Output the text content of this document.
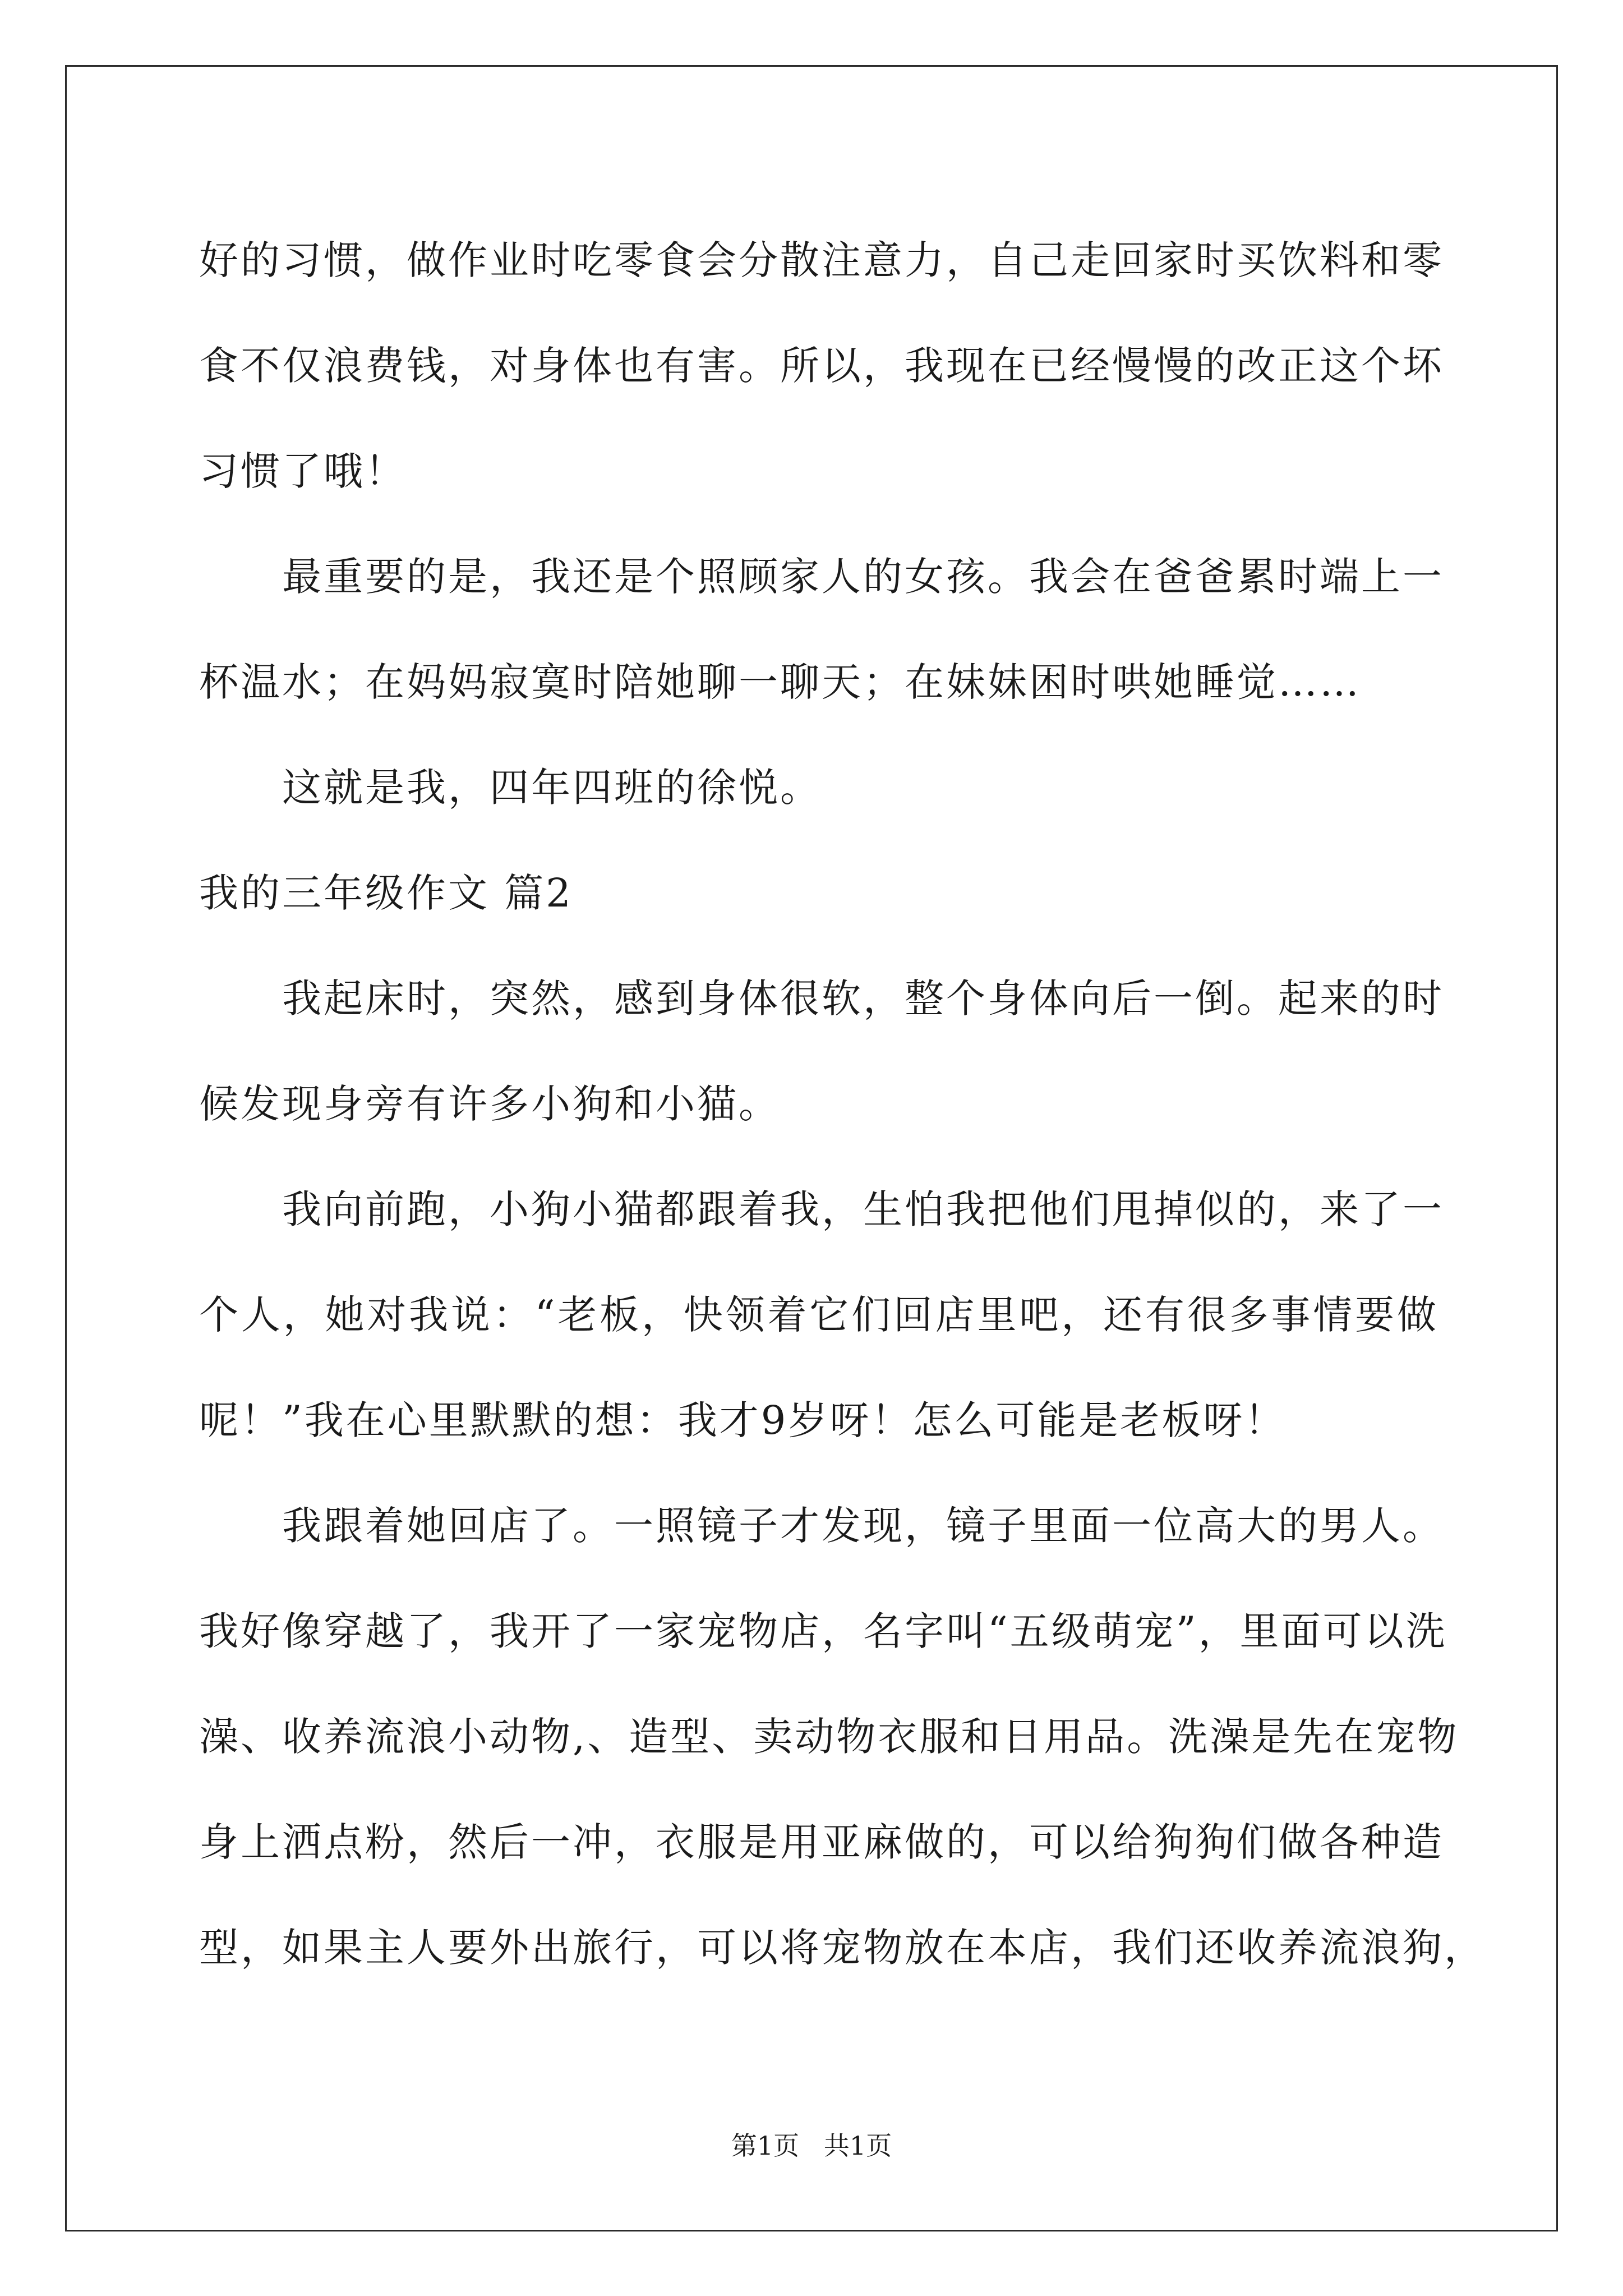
好的习惯，做作业时吃零食会分散注意力，自己走回家时买饮料和零
食不仅浪费钱，对身体也有害。所以，我现在已经慢慢的改正这个坏
习惯了哦！
最重要的是，我还是个照顾家人的女孩。我会在爸爸累时端上一
杯温水；在妈妈寂寞时陪她聊一聊天；在妹妹困时哄她睡觉……
这就是我，四年四班的徐悦。
我的三年级作文 篇2
我起床时，突然，感到身体很软，整个身体向后一倒。起来的时
候发现身旁有许多小狗和小猫。
我向前跑，小狗小猫都跟着我，生怕我把他们甩掉似的，来了一
个人，她对我说：“老板，快领着它们回店里吧，还有很多事情要做
呢！”我在心里默默的想：我才9岁呀！怎么可能是老板呀！
我跟着她回店了。一照镜子才发现，镜子里面一位高大的男人。
我好像穿越了，我开了一家宠物店，名字叫“五级萌宠”，里面可以洗
澡、收养流浪小动物,、造型、卖动物衣服和日用品。洗澡是先在宠物
身上洒点粉，然后一冲，衣服是用亚麻做的，可以给狗狗们做各种造
型，如果主人要外出旅行，可以将宠物放在本店，我们还收养流浪狗，
第1页   共1页
